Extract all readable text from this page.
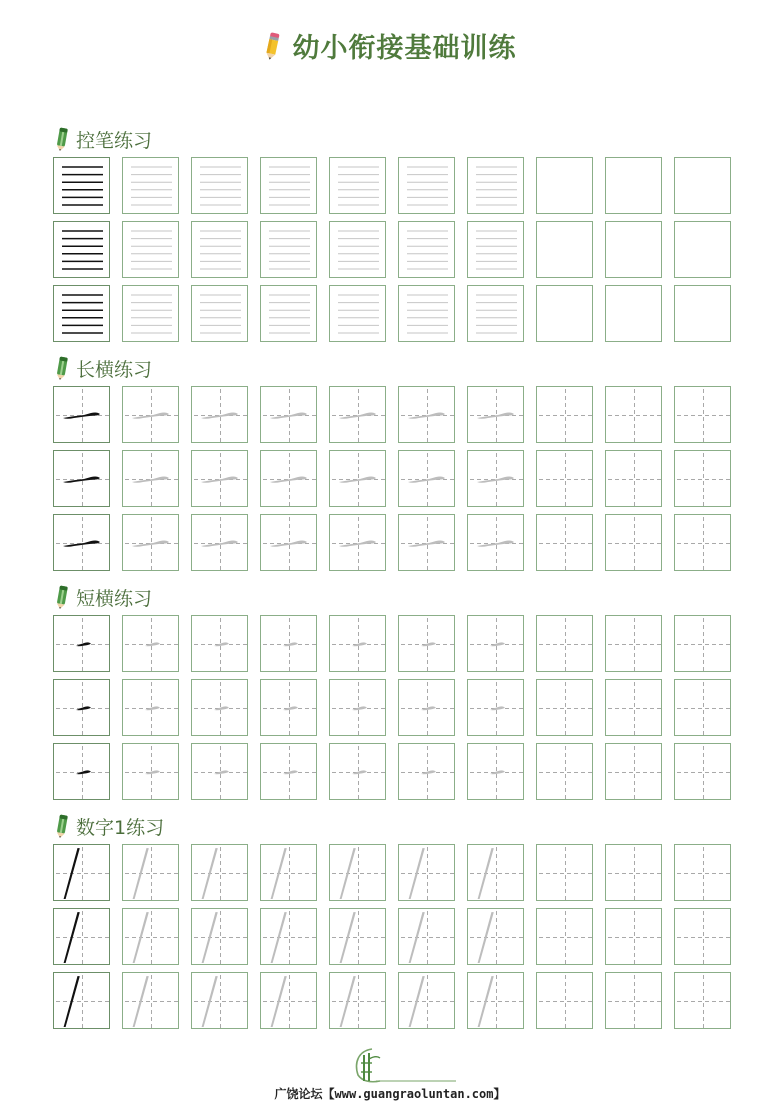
幼小衔接基础训练
控笔练习
长横练习
短横练习
数字1练习
广饶论坛【www.guangraoluntan.com】
